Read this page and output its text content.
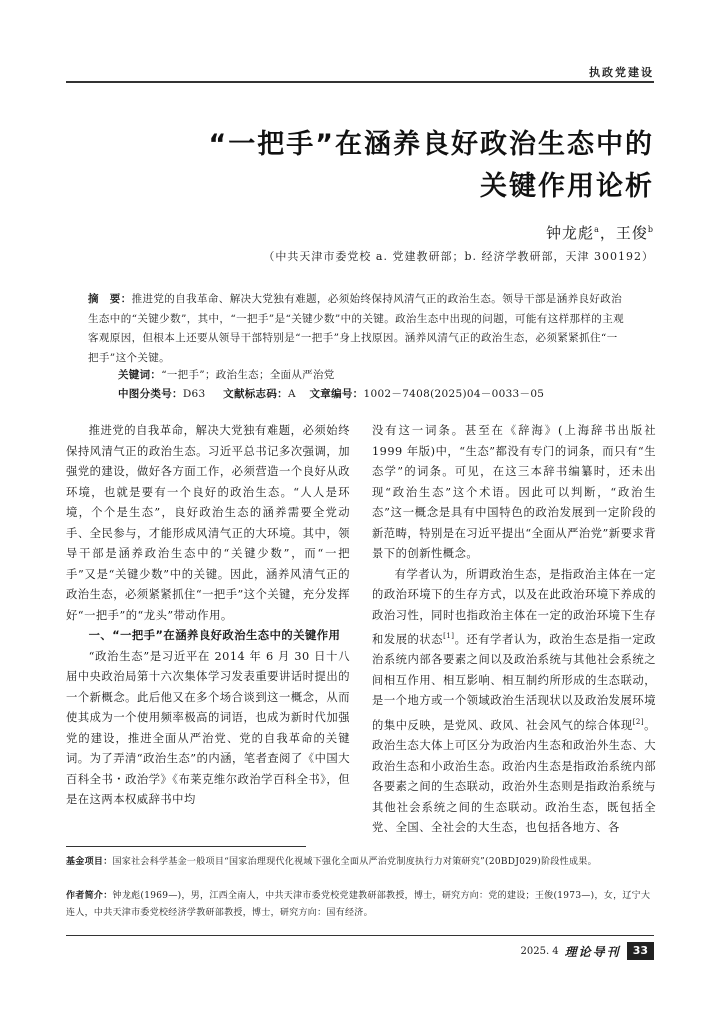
执政党建设
“一把手”在涵养良好政治生态中的
关键作用论析
钟龙彪$^a$，王俊$^b$
（中共天津市委党校 a. 党建教研部；b. 经济学教研部，天津 300192）
摘　要：推进党的自我革命、解决大党独有难题，必须始终保持风清气正的政治生态。领导干部是涵养良好政治生态中的“关键少数”，其中，“一把手”是“关键少数”中的关键。政治生态中出现的问题，可能有这样那样的主观客观原因，但根本上还要从领导干部特别是“一把手”身上找原因。涵养风清气正的政治生态，必须紧紧抓住“一把手”这个关键。
关键词：“一把手”；政治生态；全面从严治党
中图分类号：D63 文献标志码：A 文章编号：1002－7408(2025)04－0033－05

推进党的自我革命，解决大党独有难题，必须始终保持风清气正的政治生态。习近平总书记多次强调，加强党的建设，做好各方面工作，必须营造一个良好从政环境，也就是要有一个良好的政治生态。“人人是环境，个个是生态”，良好政治生态的涵养需要全党动手、全民参与，才能形成风清气正的大环境。其中，领导干部是涵养政治生态中的“关键少数”，而“一把手”又是“关键少数”中的关键。因此，涵养风清气正的政治生态，必须紧紧抓住“一把手”这个关键，充分发挥好“一把手”的“龙头”带动作用。

一、“一把手”在涵养良好政治生态中的关键作用

“政治生态”是习近平在 2014 年 6 月 30 日十八届中央政治局第十六次集体学习发表重要讲话时提出的一个新概念。此后他又在多个场合谈到这一概念，从而使其成为一个使用频率极高的词语，也成为新时代加强党的建设，推进全面从严治党、党的自我革命的关键词。为了弄清“政治生态”的内涵，笔者查阅了《中国大百科全书・政治学》《布莱克维尔政治学百科全书》，但是在这两本权威辞书中均

没有这一词条。甚至在《辞海》(上海辞书出版社 1999 年版)中，“生态”都没有专门的词条，而只有“生态学”的词条。可见，在这三本辞书编纂时，还未出现“政治生态”这个术语。因此可以判断，“政治生态”这一概念是具有中国特色的政治发展到一定阶段的新范畴，特别是在习近平提出“全面从严治党”新要求背景下的创新性概念。

有学者认为，所谓政治生态，是指政治主体在一定的政治环境下的生存方式，以及在此政治环境下养成的政治习性，同时也指政治主体在一定的政治环境下生存和发展的状态[1]。还有学者认为，政治生态是指一定政治系统内部各要素之间以及政治系统与其他社会系统之间相互作用、相互影响、相互制约所形成的生态联动，是一个地方或一个领域政治生活现状以及政治发展环境的集中反映，是党风、政风、社会风气的综合体现[2]。政治生态大体上可区分为政治内生态和政治外生态、大政治生态和小政治生态。政治内生态是指政治系统内部各要素之间的生态联动，政治外生态则是指政治系统与其他社会系统之间的生态联动。政治生态，既包括全党、全国、全社会的大生态，也包括各地方、各

基金项目：国家社会科学基金一般项目“国家治理现代化视域下强化全面从严治党制度执行力对策研究”(20BDJ029)阶段性成果。
作者简介：钟龙彪(1969—)，男，江西全南人，中共天津市委党校党建教研部教授，博士，研究方向：党的建设；王俊(1973—)，女，辽宁大连人，中共天津市委党校经济学教研部教授，博士，研究方向：国有经济。
2025. 4 理论导刊	33
